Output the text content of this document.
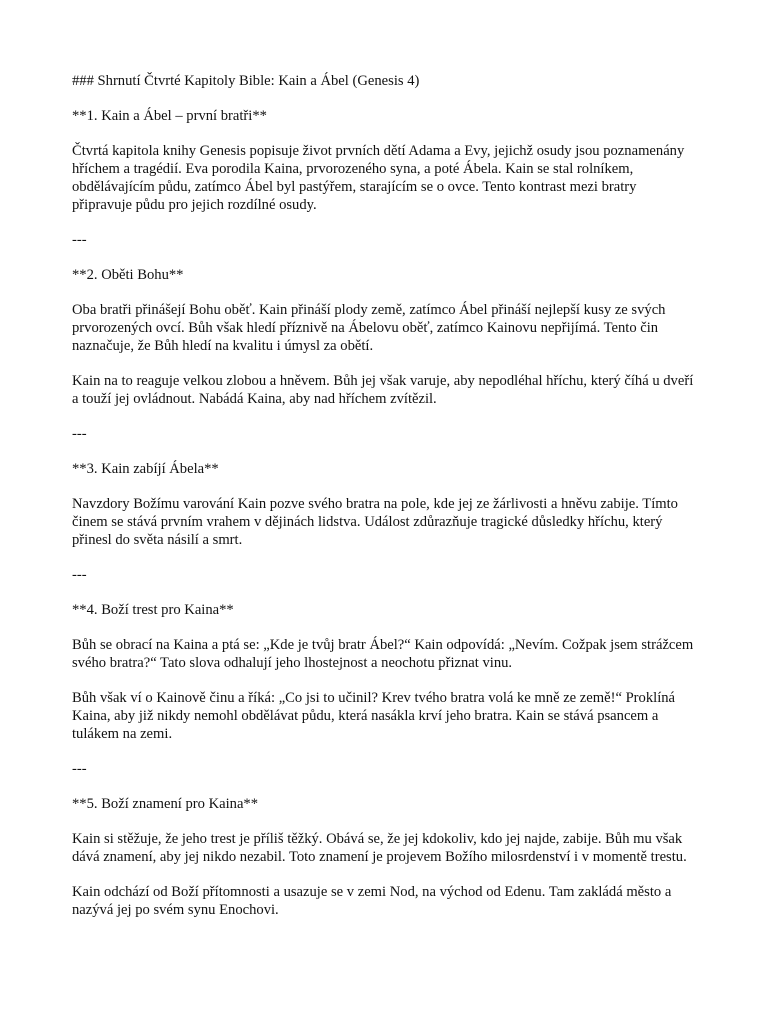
### Shrnutí Čtvrté Kapitoly Bible: Kain a Ábel (Genesis 4)

**1. Kain a Ábel – první bratři**

Čtvrtá kapitola knihy Genesis popisuje život prvních dětí Adama a Evy, jejichž osudy jsou poznamenány hříchem a tragédií. Eva porodila Kaina, prvorozeného syna, a poté Ábela. Kain se stal rolníkem, obdělávajícím půdu, zatímco Ábel byl pastýřem, starajícím se o ovce. Tento kontrast mezi bratry připravuje půdu pro jejich rozdílné osudy.

---

**2. Oběti Bohu**

Oba bratři přinášejí Bohu oběť. Kain přináší plody země, zatímco Ábel přináší nejlepší kusy ze svých prvorozených ovcí. Bůh však hledí příznivě na Ábelovu oběť, zatímco Kainovu nepřijímá. Tento čin naznačuje, že Bůh hledí na kvalitu i úmysl za obětí.

Kain na to reaguje velkou zlobou a hněvem. Bůh jej však varuje, aby nepodléhal hříchu, který číhá u dveří a touží jej ovládnout. Nabádá Kaina, aby nad hříchem zvítězil.

---

**3. Kain zabíjí Ábela**

Navzdory Božímu varování Kain pozve svého bratra na pole, kde jej ze žárlivosti a hněvu zabije. Tímto činem se stává prvním vrahem v dějinách lidstva. Událost zdůrazňuje tragické důsledky hříchu, který přinesl do světa násilí a smrt.

---

**4. Boží trest pro Kaina**

Bůh se obrací na Kaina a ptá se: „Kde je tvůj bratr Ábel?“ Kain odpovídá: „Nevím. Cožpak jsem strážcem svého bratra?“ Tato slova odhalují jeho lhostejnost a neochotu přiznat vinu.

Bůh však ví o Kainově činu a říká: „Co jsi to učinil? Krev tvého bratra volá ke mně ze země!“ Proklíná Kaina, aby již nikdy nemohl obdělávat půdu, která nasákla krví jeho bratra. Kain se stává psancem a tulákem na zemi.

---

**5. Boží znamení pro Kaina**

Kain si stěžuje, že jeho trest je příliš těžký. Obává se, že jej kdokoliv, kdo jej najde, zabije. Bůh mu však dává znamení, aby jej nikdo nezabil. Toto znamení je projevem Božího milosrdenství i v momentě trestu.

Kain odchází od Boží přítomnosti a usazuje se v zemi Nod, na východ od Edenu. Tam zakládá město a nazývá jej po svém synu Enochovi.
